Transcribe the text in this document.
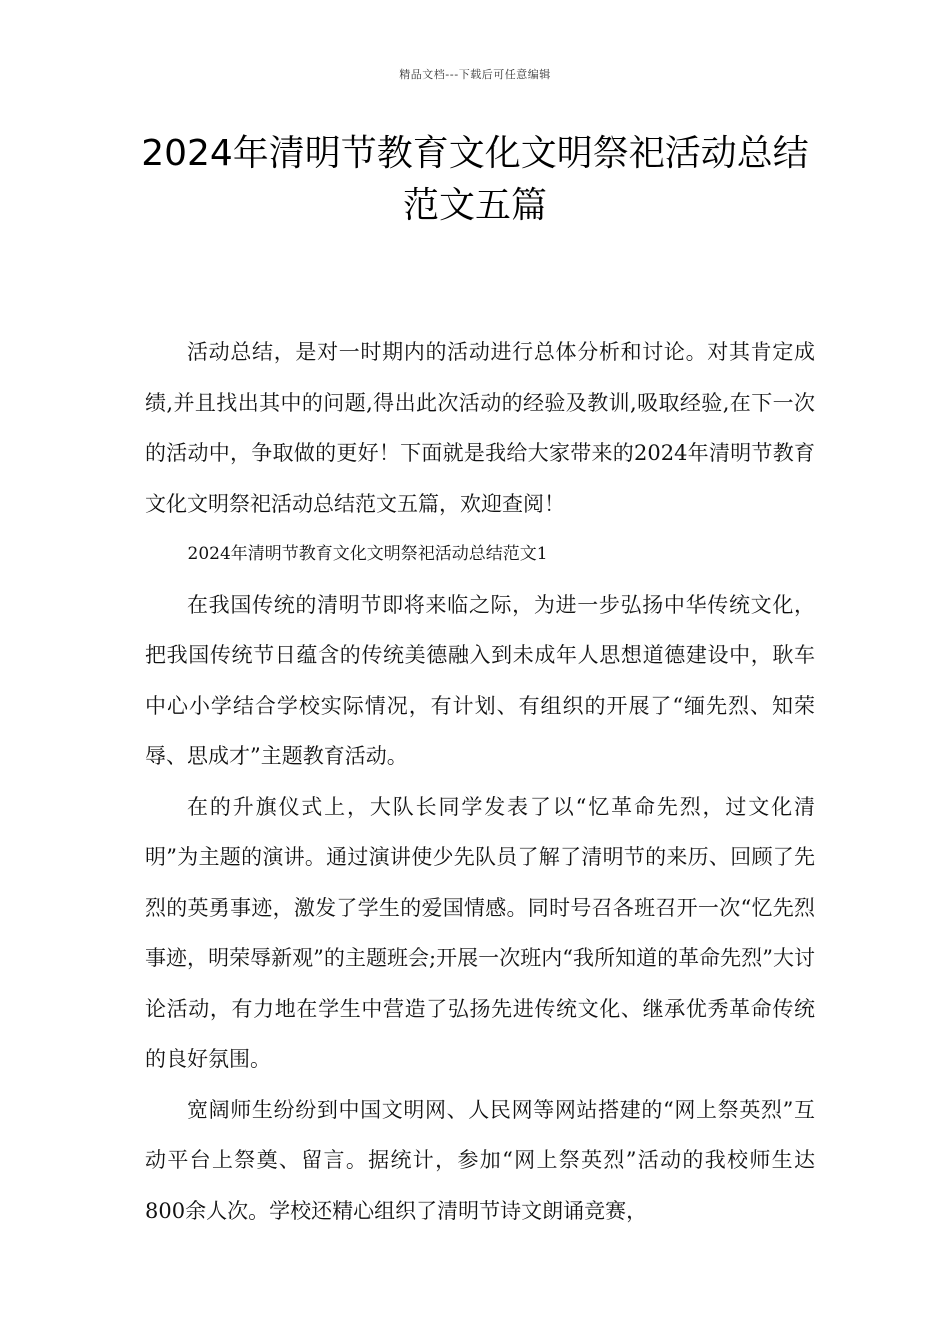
精品文档---下载后可任意编辑
2024年清明节教育文化文明祭祀活动总结范文五篇

活动总结，是对一时期内的活动进行总体分析和讨论。对其肯定成绩,并且找出其中的问题,得出此次活动的经验及教训,吸取经验,在下一次的活动中，争取做的更好！下面就是我给大家带来的2024年清明节教育文化文明祭祀活动总结范文五篇，欢迎查阅！

2024年清明节教育文化文明祭祀活动总结范文1

在我国传统的清明节即将来临之际，为进一步弘扬中华传统文化，把我国传统节日蕴含的传统美德融入到未成年人思想道德建设中，耿车中心小学结合学校实际情况，有计划、有组织的开展了“缅先烈、知荣辱、思成才”主题教育活动。

在的升旗仪式上，大队长同学发表了以“忆革命先烈，过文化清明”为主题的演讲。通过演讲使少先队员了解了清明节的来历、回顾了先烈的英勇事迹，激发了学生的爱国情感。同时号召各班召开一次“忆先烈事迹，明荣辱新观”的主题班会;开展一次班内“我所知道的革命先烈”大讨论活动，有力地在学生中营造了弘扬先进传统文化、继承优秀革命传统的良好氛围。

宽阔师生纷纷到中国文明网、人民网等网站搭建的“网上祭英烈”互动平台上祭奠、留言。据统计，参加“网上祭英烈”活动的我校师生达800余人次。学校还精心组织了清明节诗文朗诵竞赛，
